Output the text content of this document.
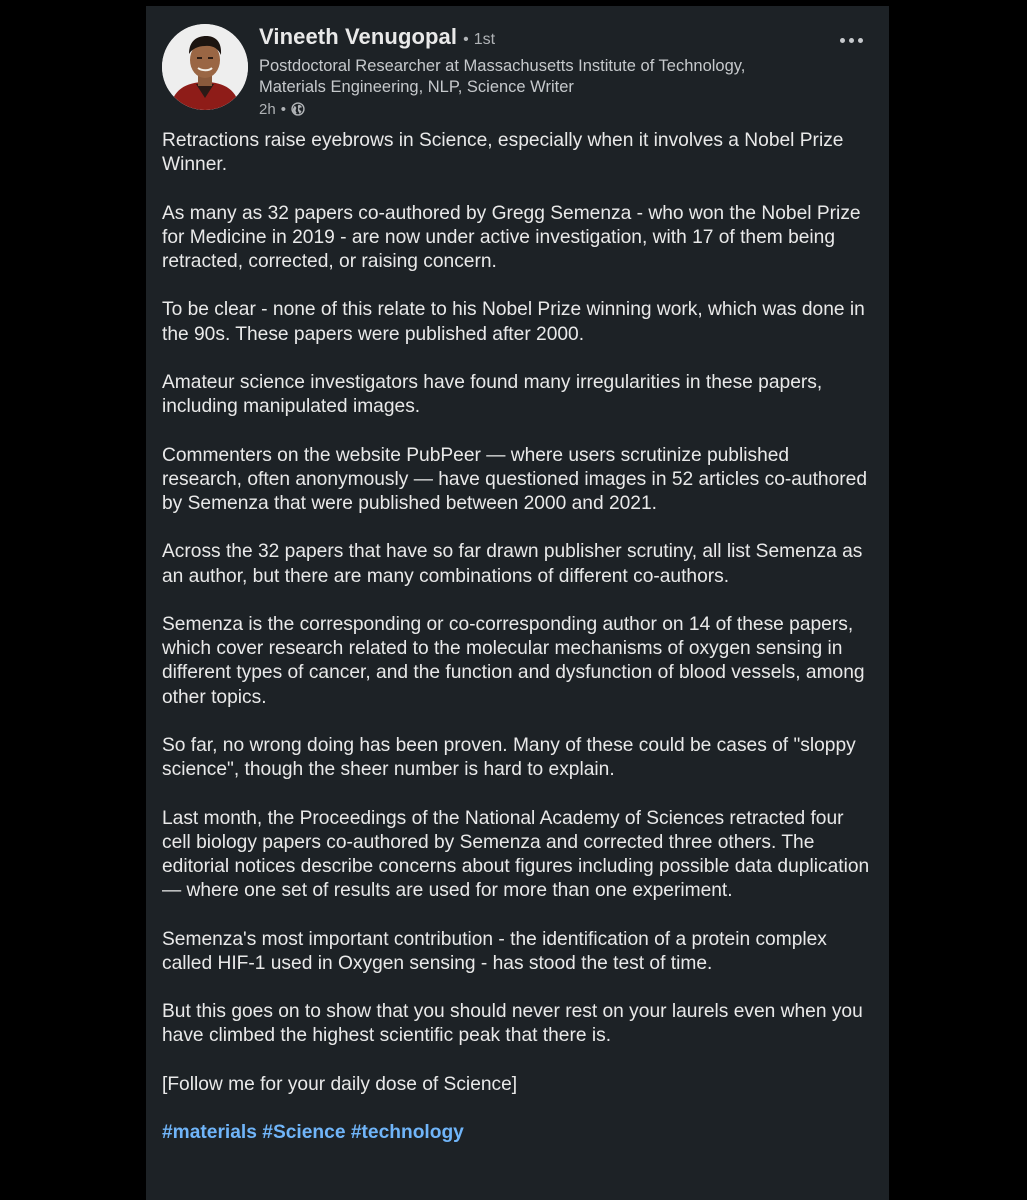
Vineeth Venugopal • 1st
Postdoctoral Researcher at Massachusetts Institute of Technology, Materials Engineering, NLP, Science Writer
2h •

Retractions raise eyebrows in Science, especially when it involves a Nobel Prize Winner.

As many as 32 papers co-authored by Gregg Semenza - who won the Nobel Prize for Medicine in 2019 - are now under active investigation, with 17 of them being retracted, corrected, or raising concern.

To be clear - none of this relate to his Nobel Prize winning work, which was done in the 90s. These papers were published after 2000.

Amateur science investigators have found many irregularities in these papers, including manipulated images.

Commenters on the website PubPeer — where users scrutinize published research, often anonymously — have questioned images in 52 articles co-authored by Semenza that were published between 2000 and 2021.

Across the 32 papers that have so far drawn publisher scrutiny, all list Semenza as an author, but there are many combinations of different co-authors.

Semenza is the corresponding or co-corresponding author on 14 of these papers, which cover research related to the molecular mechanisms of oxygen sensing in different types of cancer, and the function and dysfunction of blood vessels, among other topics.

So far, no wrong doing has been proven. Many of these could be cases of "sloppy science", though the sheer number is hard to explain.

Last month, the Proceedings of the National Academy of Sciences retracted four cell biology papers co-authored by Semenza and corrected three others. The editorial notices describe concerns about figures including possible data duplication — where one set of results are used for more than one experiment.

Semenza's most important contribution - the identification of a protein complex called HIF-1 used in Oxygen sensing - has stood the test of time.

But this goes on to show that you should never rest on your laurels even when you have climbed the highest scientific peak that there is.

[Follow me for your daily dose of Science]

#materials #Science #technology
